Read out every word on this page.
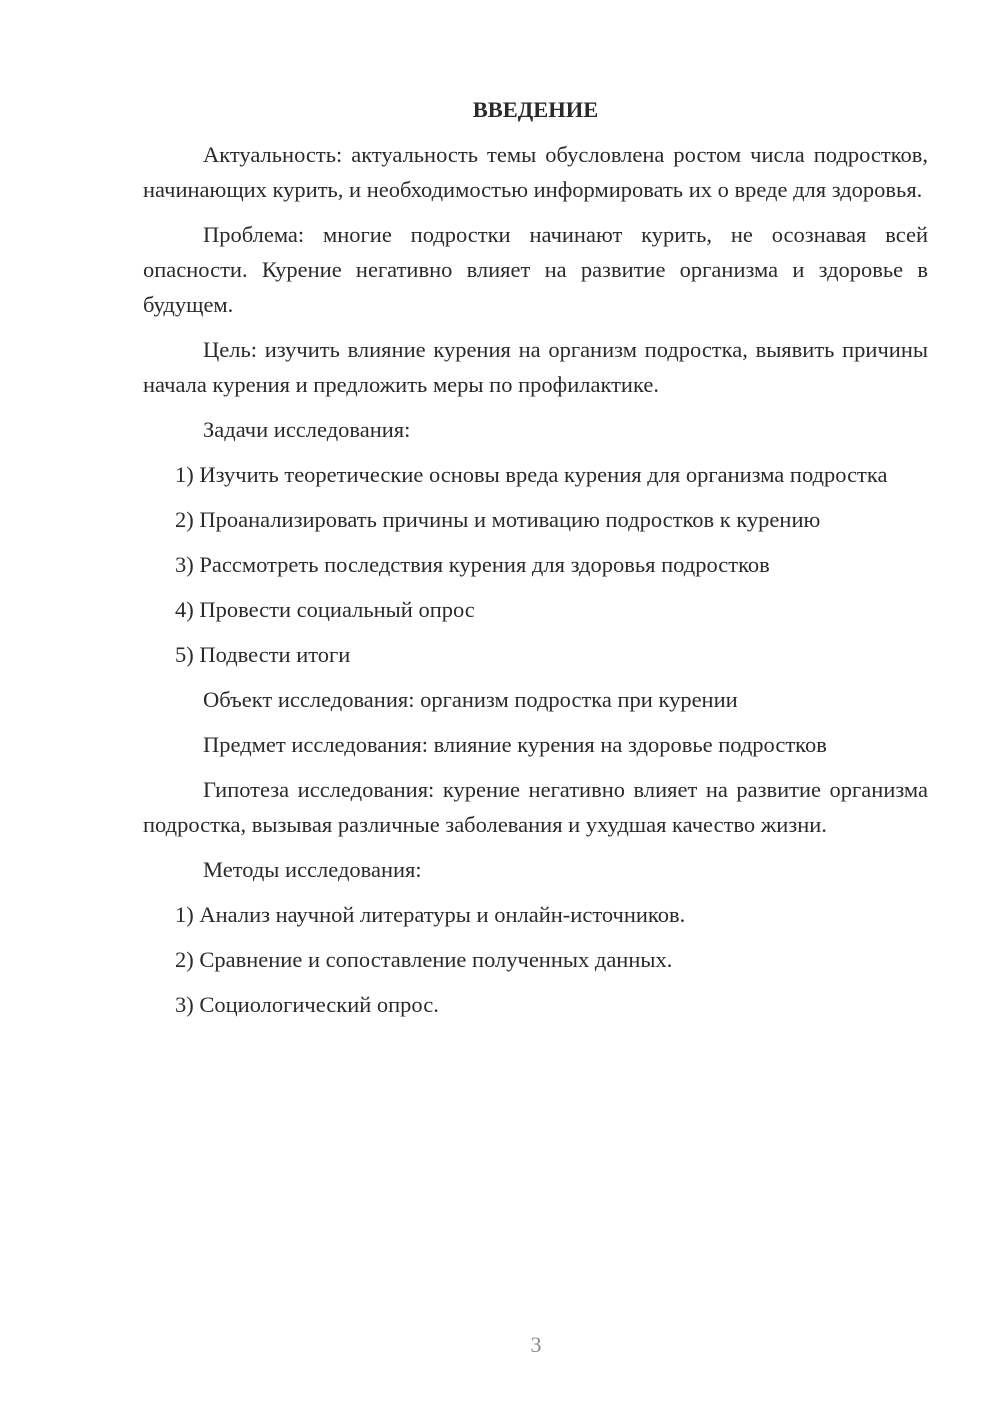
ВВЕДЕНИЕ

Актуальность: актуальность темы обусловлена ростом числа подростков, начинающих курить, и необходимостью информировать их о вреде для здоровья.

Проблема: многие подростки начинают курить, не осознавая всей опасности. Курение негативно влияет на развитие организма и здоровье в будущем.

Цель: изучить влияние курения на организм подростка, выявить причины начала курения и предложить меры по профилактике.

Задачи исследования:

1) Изучить теоретические основы вреда курения для организма подростка

2) Проанализировать причины и мотивацию подростков к курению

3) Рассмотреть последствия курения для здоровья подростков

4) Провести социальный опрос

5) Подвести итоги

Объект исследования: организм подростка при курении

Предмет исследования: влияние курения на здоровье подростков

Гипотеза исследования: курение негативно влияет на развитие организма подростка, вызывая различные заболевания и ухудшая качество жизни.

Методы исследования:

1) Анализ научной литературы и онлайн-источников.

2) Сравнение и сопоставление полученных данных.

3) Социологический опрос.

3
